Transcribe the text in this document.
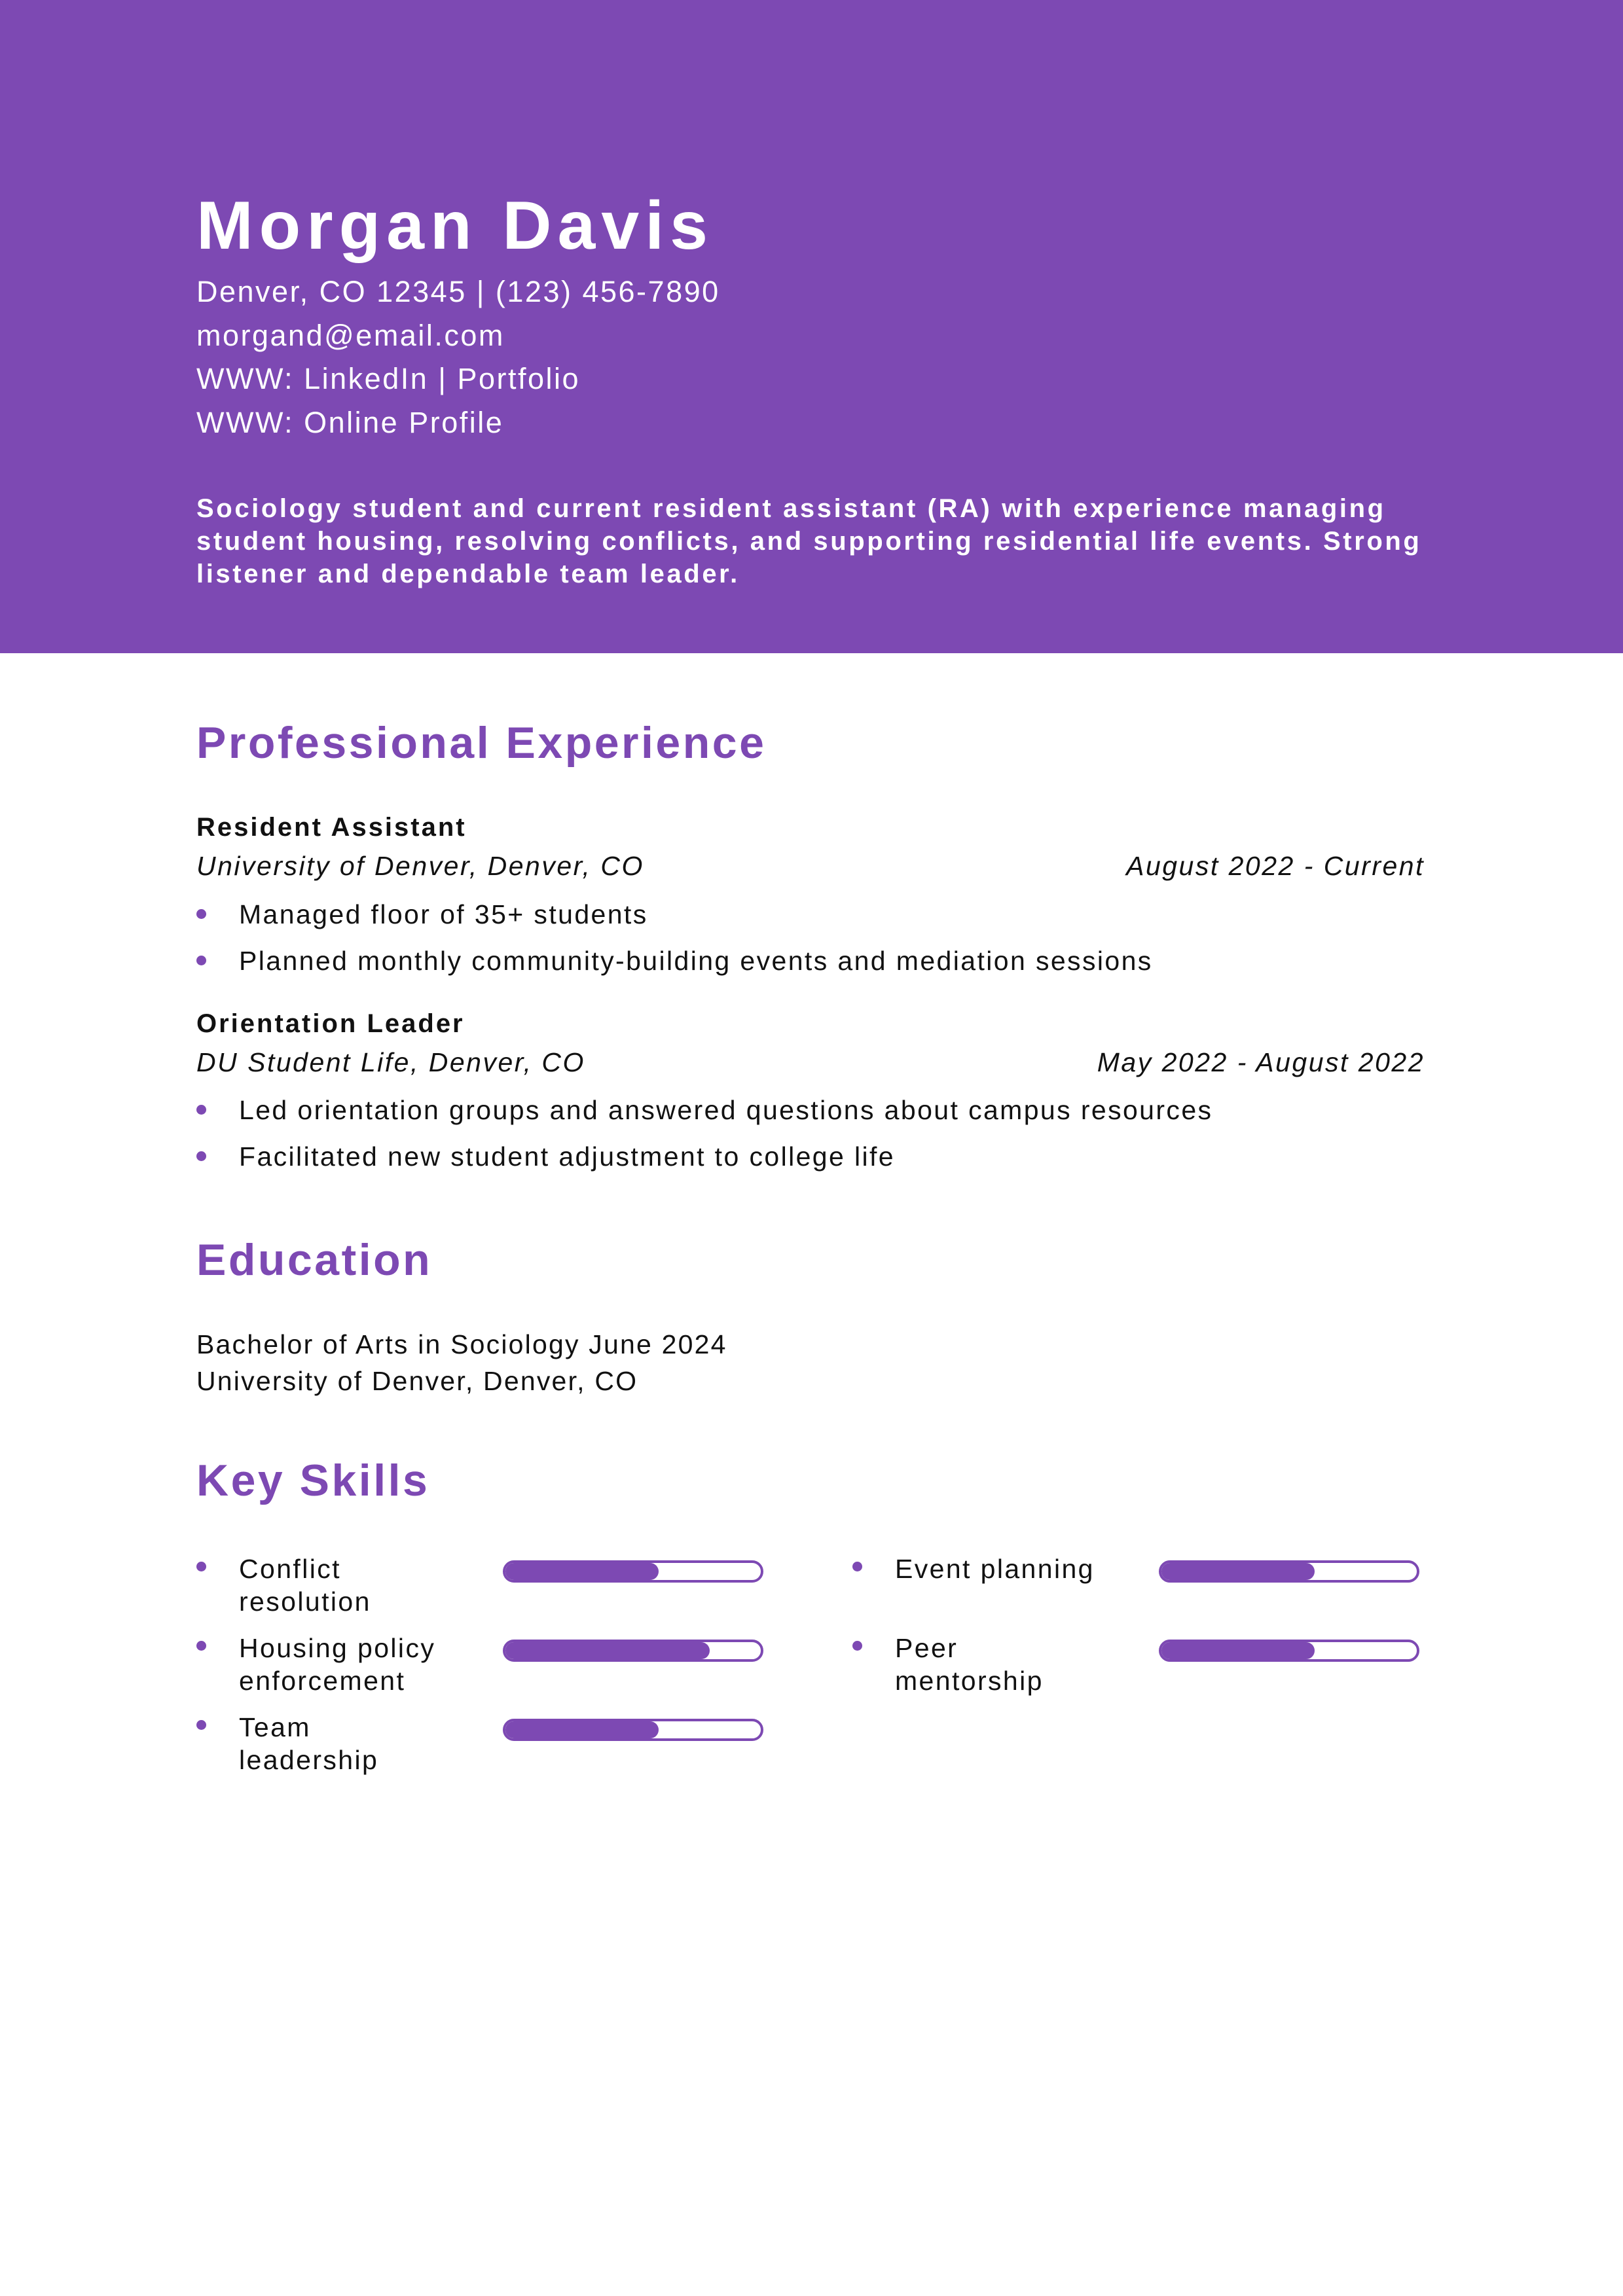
Morgan Davis
Denver, CO 12345 | (123) 456-7890
morgand@email.com
WWW: LinkedIn | Portfolio
WWW: Online Profile

Sociology student and current resident assistant (RA) with experience managing student housing, resolving conflicts, and supporting residential life events. Strong listener and dependable team leader.

Professional Experience
Resident Assistant
University of Denver, Denver, CO	August 2022 - Current
Managed floor of 35+ students
Planned monthly community-building events and mediation sessions
Orientation Leader
DU Student Life, Denver, CO	May 2022 - August 2022
Led orientation groups and answered questions about campus resources
Facilitated new student adjustment to college life
Education
Bachelor of Arts in Sociology June 2024
University of Denver, Denver, CO
Key Skills
Conflict
resolution
Event planning
Housing policy
enforcement
Peer
mentorship
Team
leadership
